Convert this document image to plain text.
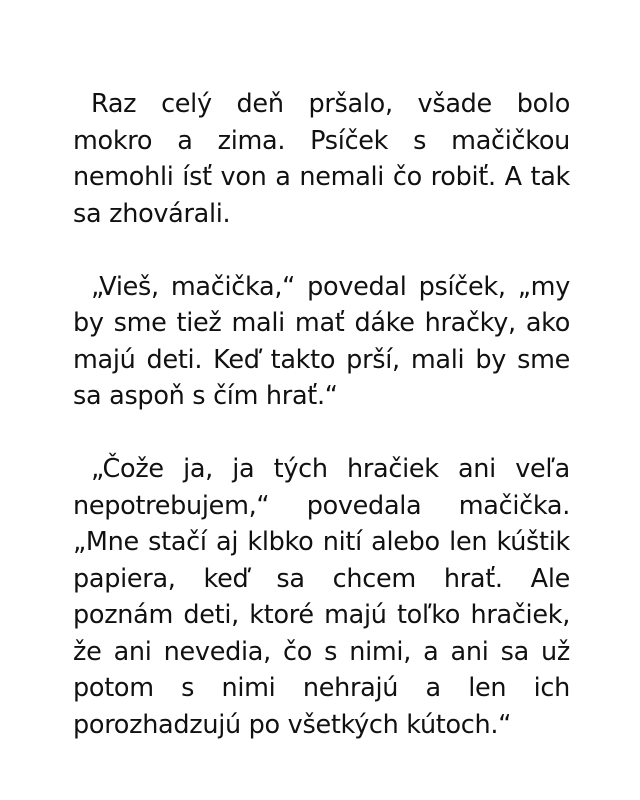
Raz celý deň pršalo, všade bolo mokro a zima. Psíček s mačičkou nemohli ísť von a nemali čo robiť. A tak sa zhovárali.

„Vieš, mačička,“ povedal psíček, „my by sme tiež mali mať dáke hračky, ako majú deti. Keď takto prší, mali by sme sa aspoň s čím hrať.“

„Čože ja, ja tých hračiek ani veľa nepotrebujem,“ povedala mačička. „Mne stačí aj klbko nití alebo len kúštik papiera, keď sa chcem hrať. Ale poznám deti, ktoré majú toľko hračiek, že ani nevedia, čo s nimi, a ani sa už potom s nimi nehrajú a len ich porozhadzujú po všetkých kútoch.“
